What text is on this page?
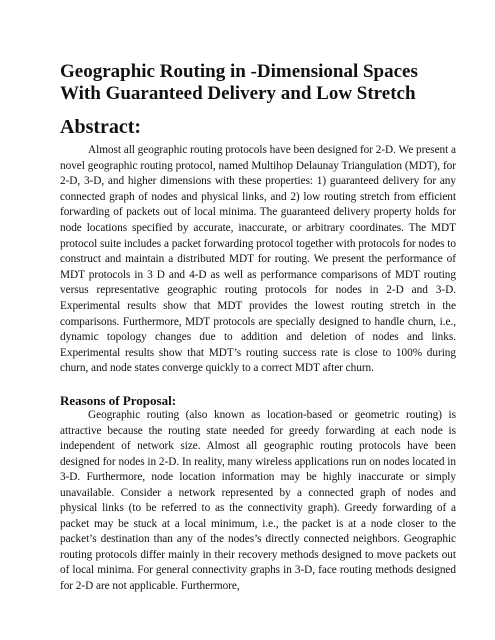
Geographic Routing in -Dimensional Spaces With Guaranteed Delivery and Low Stretch
Abstract:

Almost all geographic routing protocols have been designed for 2-D. We present a novel geographic routing protocol, named Multihop Delaunay Triangulation (MDT), for 2-D, 3-D, and higher dimensions with these properties: 1) guaranteed delivery for any connected graph of nodes and physical links, and 2) low routing stretch from efficient forwarding of packets out of local minima. The guaranteed delivery property holds for node locations specified by accurate, inaccurate, or arbitrary coordinates. The MDT protocol suite includes a packet forwarding protocol together with protocols for nodes to construct and maintain a distributed MDT for routing. We present the performance of MDT protocols in 3 D and 4-D as well as performance comparisons of MDT routing versus representative geographic routing protocols for nodes in 2-D and 3-D. Experimental results show that MDT provides the lowest routing stretch in the comparisons. Furthermore, MDT protocols are specially designed to handle churn, i.e., dynamic topology changes due to addition and deletion of nodes and links. Experimental results show that MDT’s routing success rate is close to 100% during churn, and node states converge quickly to a correct MDT after churn.

Reasons of Proposal:

Geographic routing (also known as location-based or geometric routing) is attractive because the routing state needed for greedy forwarding at each node is independent of network size. Almost all geographic routing protocols have been designed for nodes in 2-D. In reality, many wireless applications run on nodes located in 3-D. Furthermore, node location information may be highly inaccurate or simply unavailable. Consider a network represented by a connected graph of nodes and physical links (to be referred to as the connectivity graph). Greedy forwarding of a packet may be stuck at a local minimum, i.e., the packet is at a node closer to the packet’s destination than any of the nodes’s directly connected neighbors. Geographic routing protocols differ mainly in their recovery methods designed to move packets out of local minima. For general connectivity graphs in 3-D, face routing methods designed for 2-D are not applicable. Furthermore,
